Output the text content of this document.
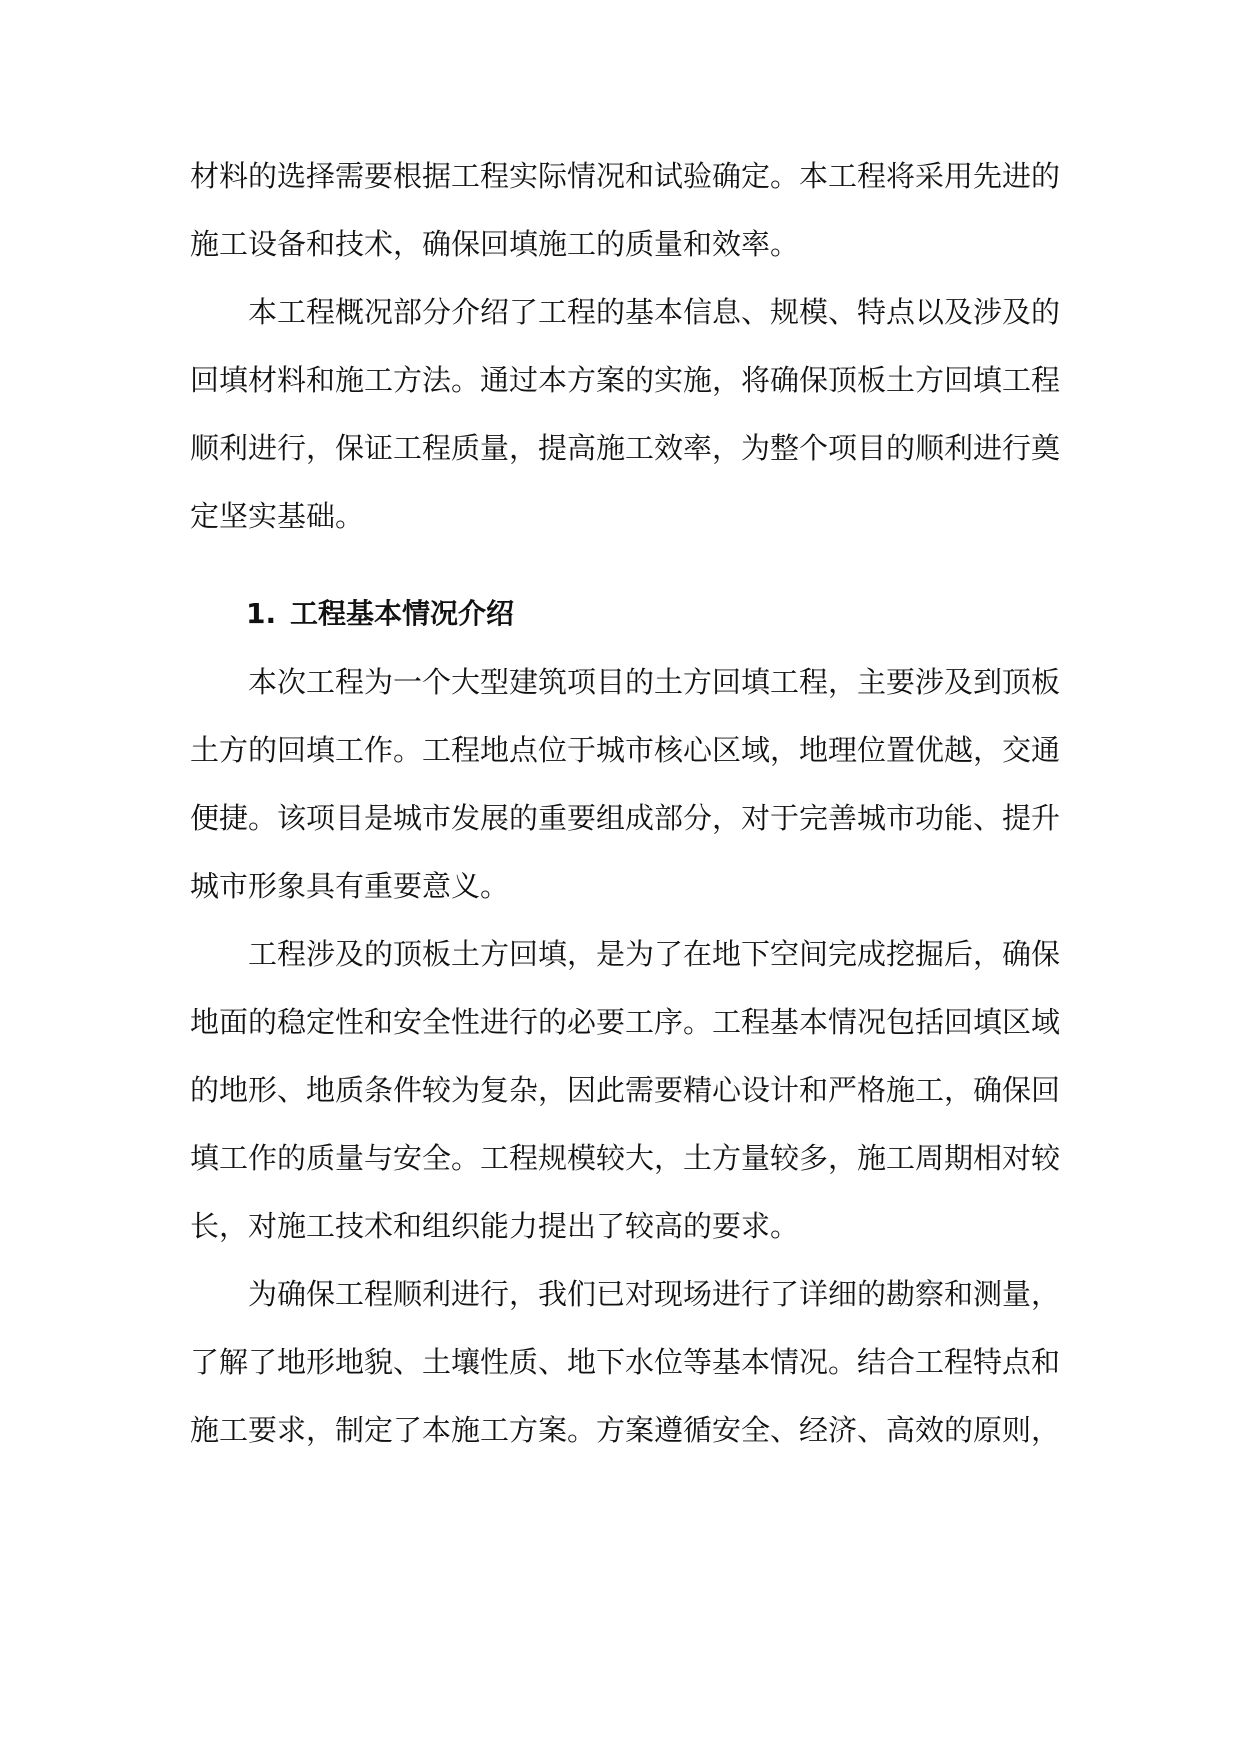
材料的选择需要根据工程实际情况和试验确定。本工程将采用先进的
施工设备和技术，确保回填施工的质量和效率。

本工程概况部分介绍了工程的基本信息、规模、特点以及涉及的
回填材料和施工方法。通过本方案的实施，将确保顶板土方回填工程
顺利进行，保证工程质量，提高施工效率，为整个项目的顺利进行奠
定坚实基础。

1. 工程基本情况介绍

本次工程为一个大型建筑项目的土方回填工程，主要涉及到顶板
土方的回填工作。工程地点位于城市核心区域，地理位置优越，交通
便捷。该项目是城市发展的重要组成部分，对于完善城市功能、提升
城市形象具有重要意义。

工程涉及的顶板土方回填，是为了在地下空间完成挖掘后，确保
地面的稳定性和安全性进行的必要工序。工程基本情况包括回填区域
的地形、地质条件较为复杂，因此需要精心设计和严格施工，确保回
填工作的质量与安全。工程规模较大，土方量较多，施工周期相对较
长，对施工技术和组织能力提出了较高的要求。

为确保工程顺利进行，我们已对现场进行了详细的勘察和测量，
了解了地形地貌、土壤性质、地下水位等基本情况。结合工程特点和
施工要求，制定了本施工方案。方案遵循安全、经济、高效的原则，
